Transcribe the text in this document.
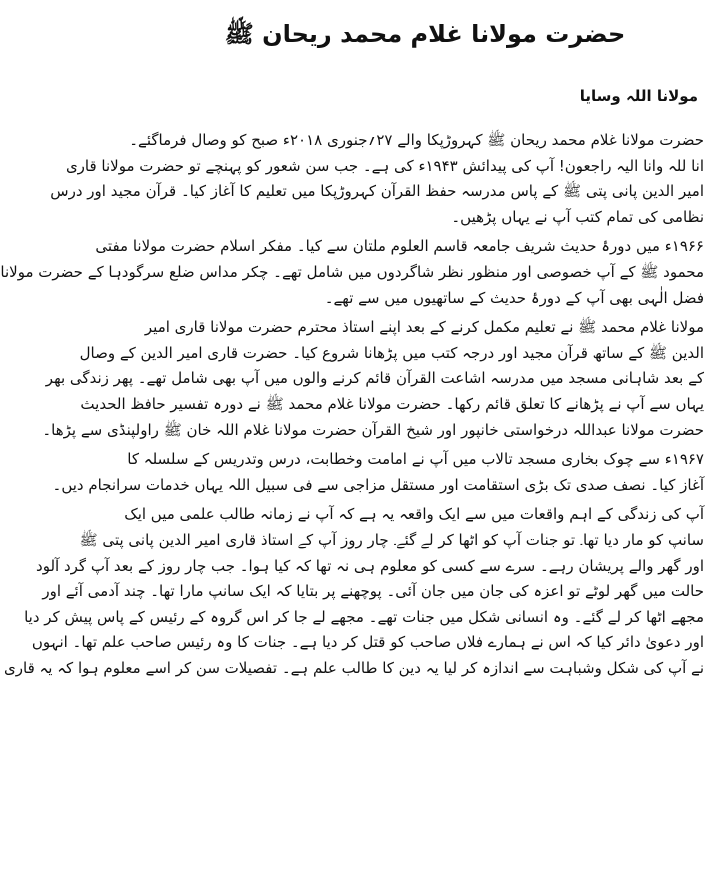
حضرت مولانا غلام محمد ریحان ﷺ
مولانا اللہ وسایا

حضرت مولانا غلام محمد ریحان ﷺ کہروڑپکا والے ۲۷؍جنوری ۲۰۱۸ء صبح کو وصال فرماگئے۔
انا للہ وانا الیہ راجعون! آپ کی پیدائش ۱۹۴۳ء کی ہے۔ جب سن شعور کو پہنچے تو حضرت مولانا قاری
امیر الدین پانی پتی ﷺ کے پاس مدرسہ حفظ القرآن کہروڑپکا میں تعلیم کا آغاز کیا۔ قرآن مجید اور درس
نظامی کی تمام کتب آپ نے یہاں پڑھیں۔

۱۹۶۶ء میں دورۂ حدیث شریف جامعہ قاسم العلوم ملتان سے کیا۔ مفکر اسلام حضرت مولانا مفتی
محمود ﷺ کے آپ خصوصی اور منظور نظر شاگردوں میں شامل تھے۔ چکر مداس ضلع سرگودہا کے حضرت مولانا
فضل الٰہی بھی آپ کے دورۂ حدیث کے ساتھیوں میں سے تھے۔

مولانا غلام محمد ﷺ نے تعلیم مکمل کرنے کے بعد اپنے استاذ محترم حضرت مولانا قاری امیر
الدین ﷺ کے ساتھ قرآن مجید اور درجہ کتب میں پڑھانا شروع کیا۔ حضرت قاری امیر الدین کے وصال
کے بعد شاہانی مسجد میں مدرسہ اشاعت القرآن قائم کرنے والوں میں آپ بھی شامل تھے۔ پھر زندگی بھر
یہاں سے آپ نے پڑھانے کا تعلق قائم رکھا۔ حضرت مولانا غلام محمد ﷺ نے دورہ تفسیر حافظ الحدیث
حضرت مولانا عبداللہ درخواستی خانپور اور شیخ القرآن حضرت مولانا غلام اللہ خان ﷺ راولپنڈی سے پڑھا۔

۱۹۶۷ء سے چوک بخاری مسجد تالاب میں آپ نے امامت وخطابت، درس وتدریس کے سلسلہ کا
آغاز کیا۔ نصف صدی تک بڑی استقامت اور مستقل مزاجی سے فی سبیل اللہ یہاں خدمات سرانجام دیں۔

آپ کی زندگی کے اہم واقعات میں سے ایک واقعہ یہ ہے کہ آپ نے زمانہ طالب علمی میں ایک
سانپ کو مار دیا تھا۔ تو جنات آپ کو اٹھا کر لے گئے۔ چار روز آپ کے استاذ قاری امیر الدین پانی پتی ﷺ
اور گھر والے پریشان رہے۔ سرے سے کسی کو معلوم ہی نہ تھا کہ کیا ہوا۔ جب چار روز کے بعد آپ گرد آلود
حالت میں گھر لوٹے تو اعزہ کی جان میں جان آئی۔ پوچھنے پر بتایا کہ ایک سانپ مارا تھا۔ چند آدمی آئے اور
مجھے اٹھا کر لے گئے۔ وہ انسانی شکل میں جنات تھے۔ مجھے لے جا کر اس گروہ کے رئیس کے پاس پیش کر دیا
اور دعویٰ دائر کیا کہ اس نے ہمارے فلاں صاحب کو قتل کر دیا ہے۔ جنات کا وہ رئیس صاحب علم تھا۔ انہوں
نے آپ کی شکل وشباہت سے اندازہ کر لیا یہ دین کا طالب علم ہے۔ تفصیلات سن کر اسے معلوم ہوا کہ یہ قاری
